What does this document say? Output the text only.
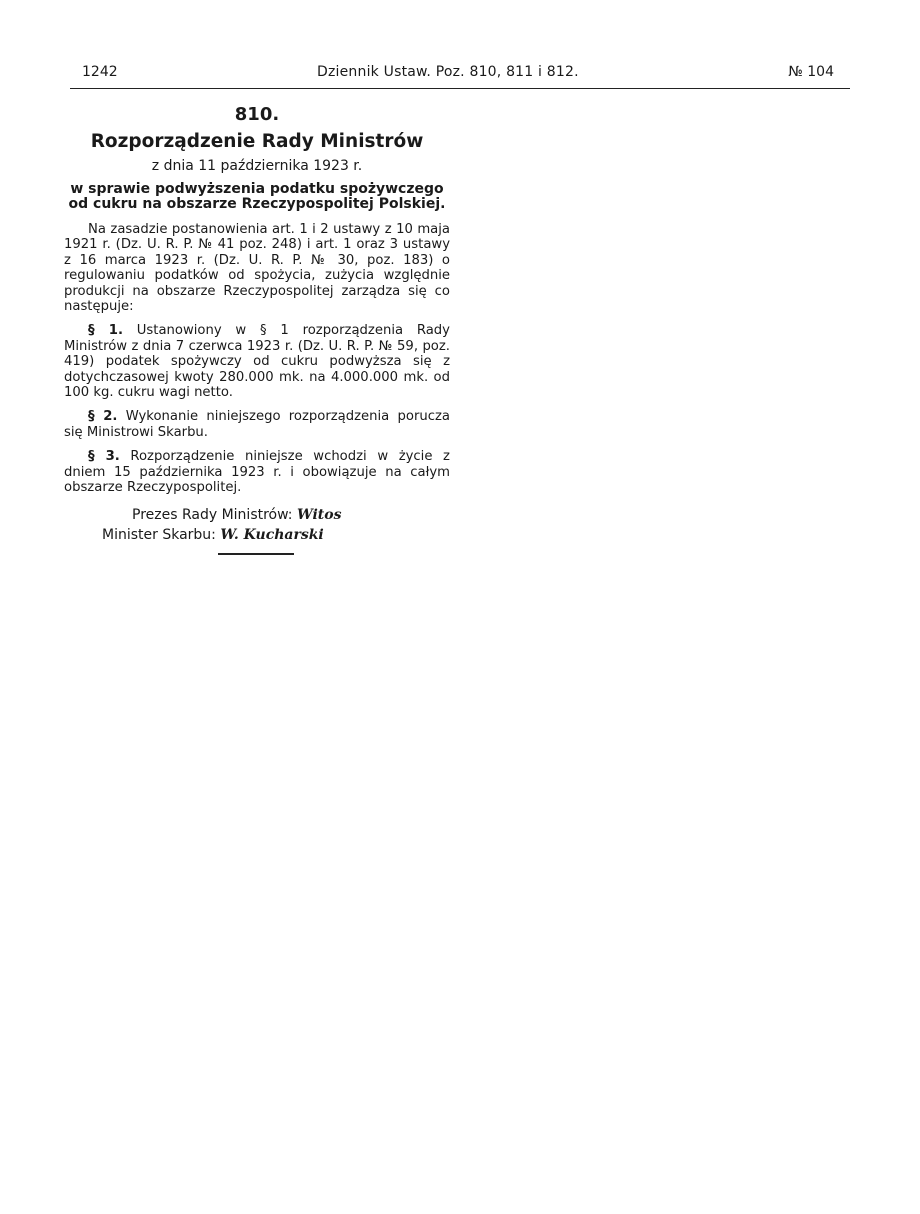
1242	Dziennik Ustaw. Poz. 810, 811 i 812.	№ 104
810.
Rozporządzenie Rady Ministrów
z dnia 11 października 1923 r.
w sprawie podwyższenia podatku spożywczego od cukru na obszarze Rzeczypospolitej Polskiej.

Na zasadzie postanowienia art. 1 i 2 ustawy z 10 maja 1921 r. (Dz. U. R. P. № 41 poz. 248) i art. 1 oraz 3 ustawy z 16 marca 1923 r. (Dz. U. R. P. № 30, poz. 183) o regulowaniu podatków od spożycia, zużycia względnie produkcji na obszarze Rzeczypospolitej zarządza się co następuje:

§ 1. Ustanowiony w § 1 rozporządzenia Rady Ministrów z dnia 7 czerwca 1923 r. (Dz. U. R. P. № 59, poz. 419) podatek spożywczy od cukru podwyższa się z dotychczasowej kwoty 280.000 mk. na 4.000.000 mk. od 100 kg. cukru wagi netto.

§ 2. Wykonanie niniejszego rozporządzenia porucza się Ministrowi Skarbu.

§ 3. Rozporządzenie niniejsze wchodzi w życie z dniem 15 października 1923 r. i obowiązuje na całym obszarze Rzeczypospolitej.

Prezes Rady Ministrów: Witos
Minister Skarbu: W. Kucharski
